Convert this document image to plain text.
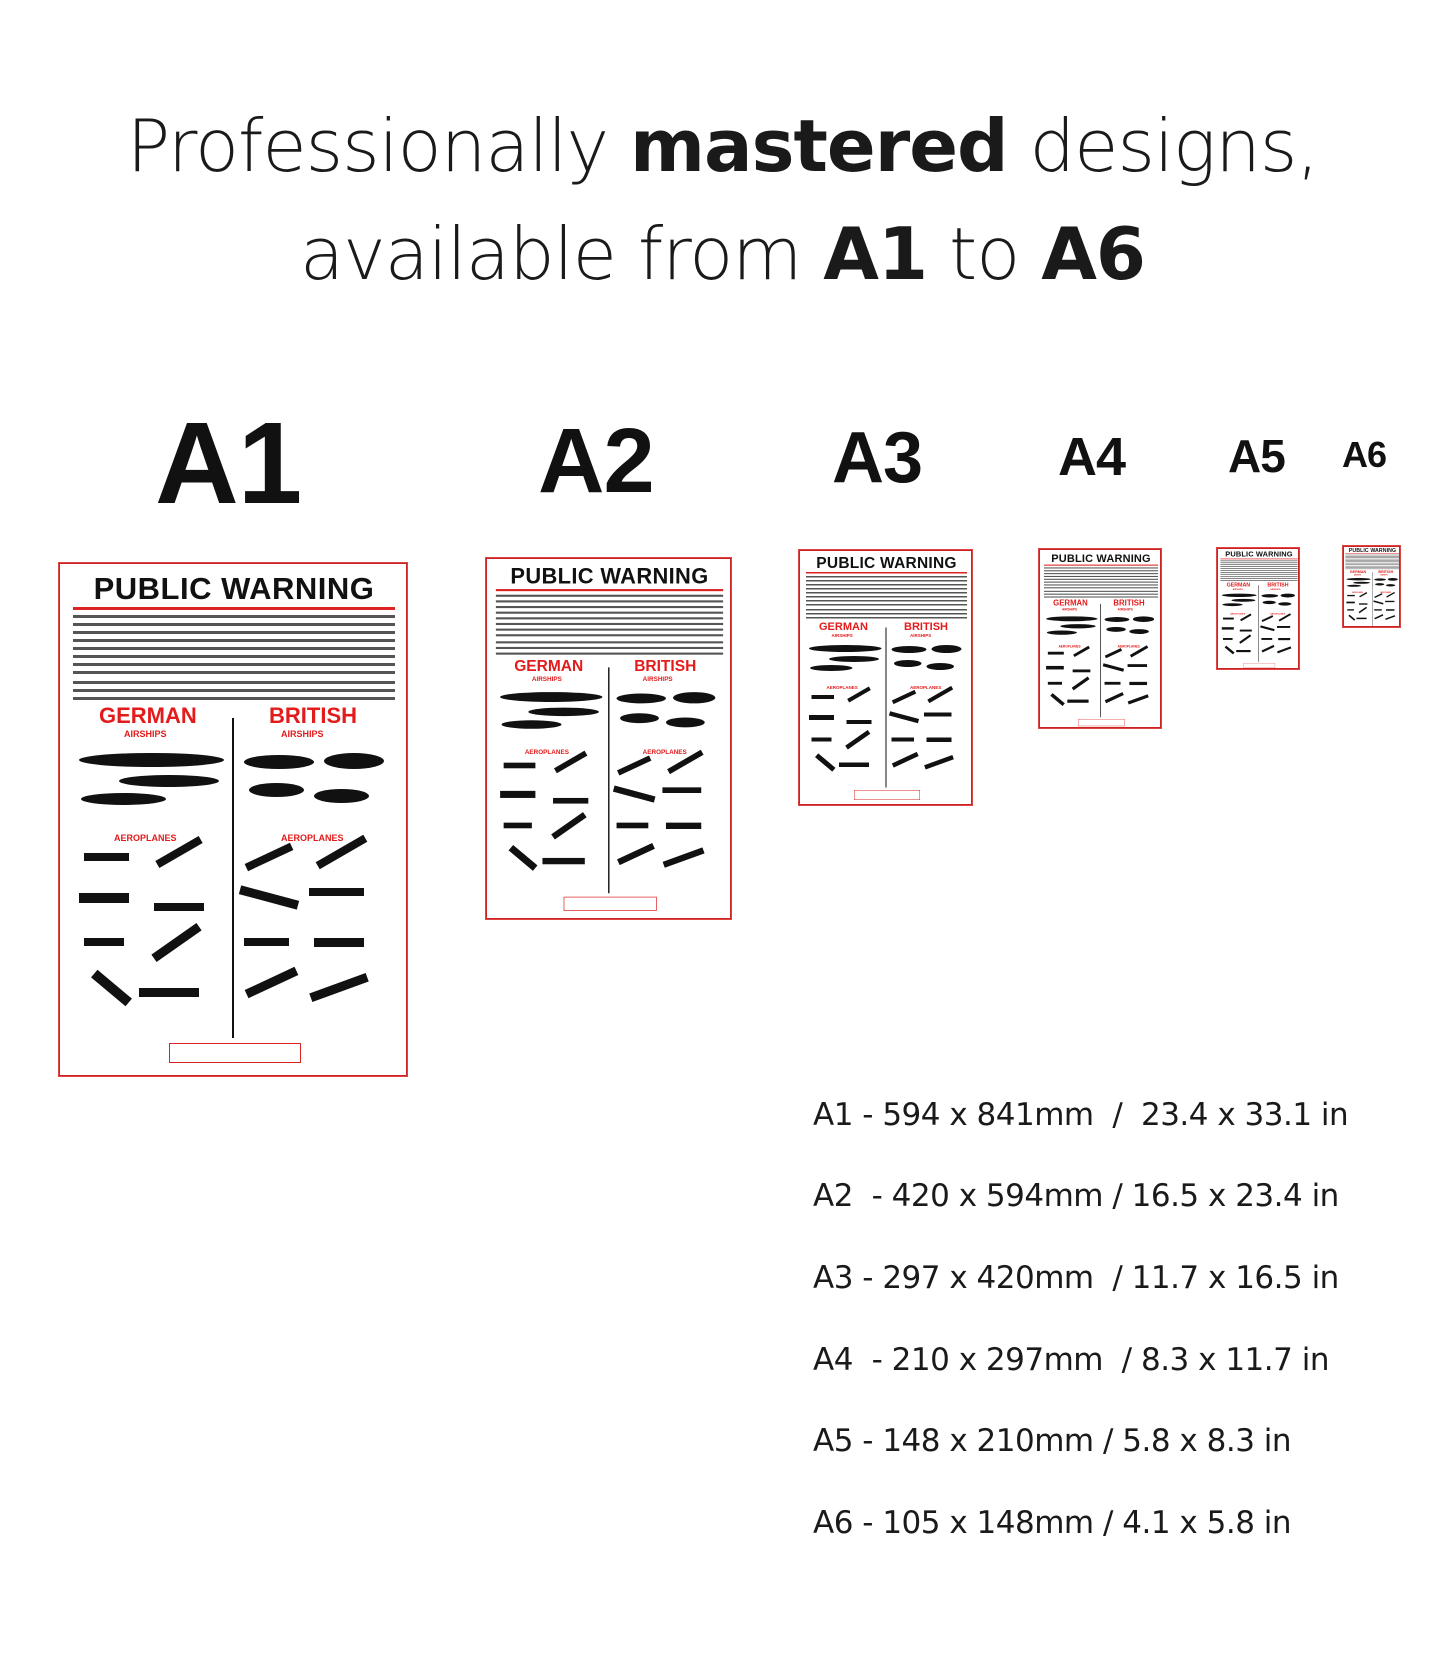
Professionally mastered designs,
available from A1 to A6
A1	A2 A3	A4 A5 A6
PUBLIC WARNING
GERMAN	BRITISH
AIRSHIPS	AIRSHIPS
AEROPLANES	AEROPLANES
PUBLIC WARNING
GERMAN BRITISH
AIRSHIPS	AIRSHIPS
AEROPLANES	AEROPLANES
PUBLIC WARNING
GERMAN BRITISH
AIRSHIPS	AIRSHIPS
AEROPLANES	AEROPLANES
PUBLIC WARNING
GERMAN BRITISH
AIRSHIPS	AIRSHIPS
AEROPLANES	AEROPLANES
PUBLIC WARNING
GERMAN BRITISH
AIRSHIPS	AIRSHIPS
AEROPLANES	AEROPLANES
PUBLIC WARNING
GERMAN BRITISH
AIRSHIPS AIRSHIPS
AEROPLANES AEROPLANES
A1 - 594 x 841mm  /  23.4 x 33.1 in
A2  - 420 x 594mm / 16.5 x 23.4 in
A3 - 297 x 420mm  / 11.7 x 16.5 in
A4  - 210 x 297mm  / 8.3 x 11.7 in
A5 - 148 x 210mm / 5.8 x 8.3 in
A6 - 105 x 148mm / 4.1 x 5.8 in
